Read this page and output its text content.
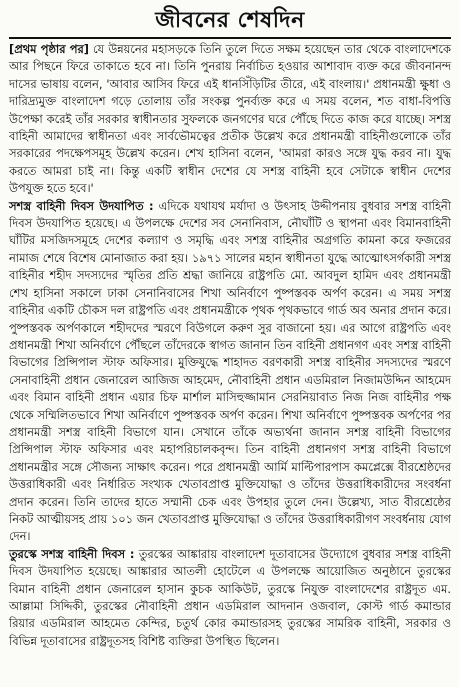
জীবনের শেষদিন

[প্রথম পৃষ্ঠার পর] যে উন্নয়নের মহাসড়কে তিনি তুলে দিতে সক্ষম হয়েছেন তার থেকে বাংলাদেশকে আর পিছনে ফিরে তাকাতে হবে না। তিনি পুনরায় নির্বাচিত হওয়ার আশাবাদ ব্যক্ত করে জীবনানন্দ দাসের ভাষায় বলেন, 'আবার আসিব ফিরে এই ধানসিঁড়িটির তীরে, এই বাংলায়।' প্রধানমন্ত্রী ক্ষুধা ও দারিদ্র্যমুক্ত বাংলাদেশ গড়ে তোলায় তাঁর সংকল্প পুনর্ব্যক্ত করে এ সময় বলেন, শত বাধা-বিপত্তি উপেক্ষা করেই তাঁর সরকার স্বাধীনতার সুফলকে জনগণের ঘরে পৌঁছে দিতে কাজ করে যাচ্ছে। সশস্ত্র বাহিনী আমাদের স্বাধীনতা এবং সার্বভৌমত্বের প্রতীক উল্লেখ করে প্রধানমন্ত্রী বাহিনীগুলোকে তাঁর সরকারের পদক্ষেপসমূহ উল্লেখ করেন। শেখ হাসিনা বলেন, 'আমরা কারও সঙ্গে যুদ্ধ করব না। যুদ্ধ করতে আমরা চাই না। কিন্তু একটি স্বাধীন দেশের যে সশস্ত্র বাহিনী হবে সেটাকে স্বাধীন দেশের উপযুক্ত হতে হবে।'

সশস্ত্র বাহিনী দিবস উদযাপিত : এদিকে যথাযথ মর্যাদা ও উৎসাহ উদ্দীপনায় বুধবার সশস্ত্র বাহিনী দিবস উদযাপিত হয়েছে। এ উপলক্ষে দেশের সব সেনানিবাস, নৌঘাঁটি ও স্থাপনা এবং বিমানবাহিনী ঘাঁটির মসজিদসমূহে দেশের কল্যাণ ও সমৃদ্ধি এবং সশস্ত্র বাহিনীর অগ্রগতি কামনা করে ফজরের নামাজ শেষে বিশেষ মোনাজাত করা হয়। ১৯৭১ সালের মহান স্বাধীনতা যুদ্ধে আত্মোৎসর্গকারী সশস্ত্র বাহিনীর শহীদ সদস্যদের স্মৃতির প্রতি শ্রদ্ধা জানিয়ে রাষ্ট্রপতি মো. আবদুল হামিদ এবং প্রধানমন্ত্রী শেখ হাসিনা সকালে ঢাকা সেনানিবাসের শিখা অনির্বাণে পুষ্পস্তবক অর্পণ করেন। এ সময় সশস্ত্র বাহিনীর একটি চৌকস দল রাষ্ট্রপতি এবং প্রধানমন্ত্রীকে পৃথক পৃথকভাবে গার্ড অব অনার প্রদান করে। পুষ্পস্তবক অর্পণকালে শহীদদের স্মরণে বিউগলে করুণ সুর বাজানো হয়। এর আগে রাষ্ট্রপতি এবং প্রধানমন্ত্রী শিখা অনির্বাণে পৌঁছলে তাঁদেরকে স্বাগত জানান তিন বাহিনী প্রধানগণ এবং সশস্ত্র বাহিনী বিভাগের প্রিন্সিপাল স্টাফ অফিসার। মুক্তিযুদ্ধে শাহাদত বরণকারী সশস্ত্র বাহিনীর সদস্যদের স্মরণে সেনাবাহিনী প্রধান জেনারেল আজিজ আহমেদ, নৌবাহিনী প্রধান এডমিরাল নিজামউদ্দিন আহমেদ এবং বিমান বাহিনী প্রধান এয়ার চিফ মার্শাল মাসিহুজ্জামান সেরনিয়াবাত নিজ নিজ বাহিনীর পক্ষ থেকে সম্মিলিতভাবে শিখা অনির্বাণে পুষ্পস্তবক অর্পণ করেন। শিখা অনির্বাণে পুষ্পস্তবক অর্পণের পর প্রধানমন্ত্রী সশস্ত্র বাহিনী বিভাগে যান। সেখানে তাঁকে অভ্যর্থনা জানান সশস্ত্র বাহিনী বিভাগের প্রিন্সিপাল স্টাফ অফিসার এবং মহাপরিচালকবৃন্দ। তিন বাহিনী প্রধানগণ সশস্ত্র বাহিনী বিভাগে প্রধানমন্ত্রীর সঙ্গে সৌজন্য সাক্ষাৎ করেন। পরে প্রধানমন্ত্রী আর্মি মাল্টিপারপাস কমপ্লেক্সে বীরশ্রেষ্ঠদের উত্তরাধিকারী এবং নির্ধারিত সংখ্যক খেতাবপ্রাপ্ত মুক্তিযোদ্ধা ও তাঁদের উত্তরাধিকারীদের সংবর্ধনা প্রদান করেন। তিনি তাদের হাতে সম্মানী চেক এবং উপহার তুলে দেন। উল্লেখ্য, সাত বীরশ্রেষ্ঠের নিকট আত্মীয়সহ প্রায় ১০১ জন খেতাবপ্রাপ্ত মুক্তিযোদ্ধা ও তাঁদের উত্তরাধিকারীগণ সংবর্ধনায় যোগ দেন।

তুরস্কে সশস্ত্র বাহিনী দিবস : তুরস্কের আঙ্কারায় বাংলাদেশ দূতাবাসের উদ্যোগে বুধবার সশস্ত্র বাহিনী দিবস উদযাপিত হয়েছে। আঙ্কারার আতলী হোটেলে এ উপলক্ষে আয়োজিত অনুষ্ঠানে তুরস্কের বিমান বাহিনী প্রধান জেনারেল হাসান কুচক আকিউট, তুরস্কে নিযুক্ত বাংলাদেশের রাষ্ট্রদূত এম. আল্লামা সিদ্দিকী, তুরস্কের নৌবাহিনী প্রধান এডমিরাল আদনান ওজবাল, কোস্ট গার্ড কমান্ডার রিয়ার এডমিরাল আহমেত কেন্দির, চতুর্থ কোর কমান্ডারসহ তুরস্কের সামরিক বাহিনী, সরকার ও বিভিন্ন দূতাবাসের রাষ্ট্রদূতসহ বিশিষ্ট ব্যক্তিরা উপস্থিত ছিলেন।
